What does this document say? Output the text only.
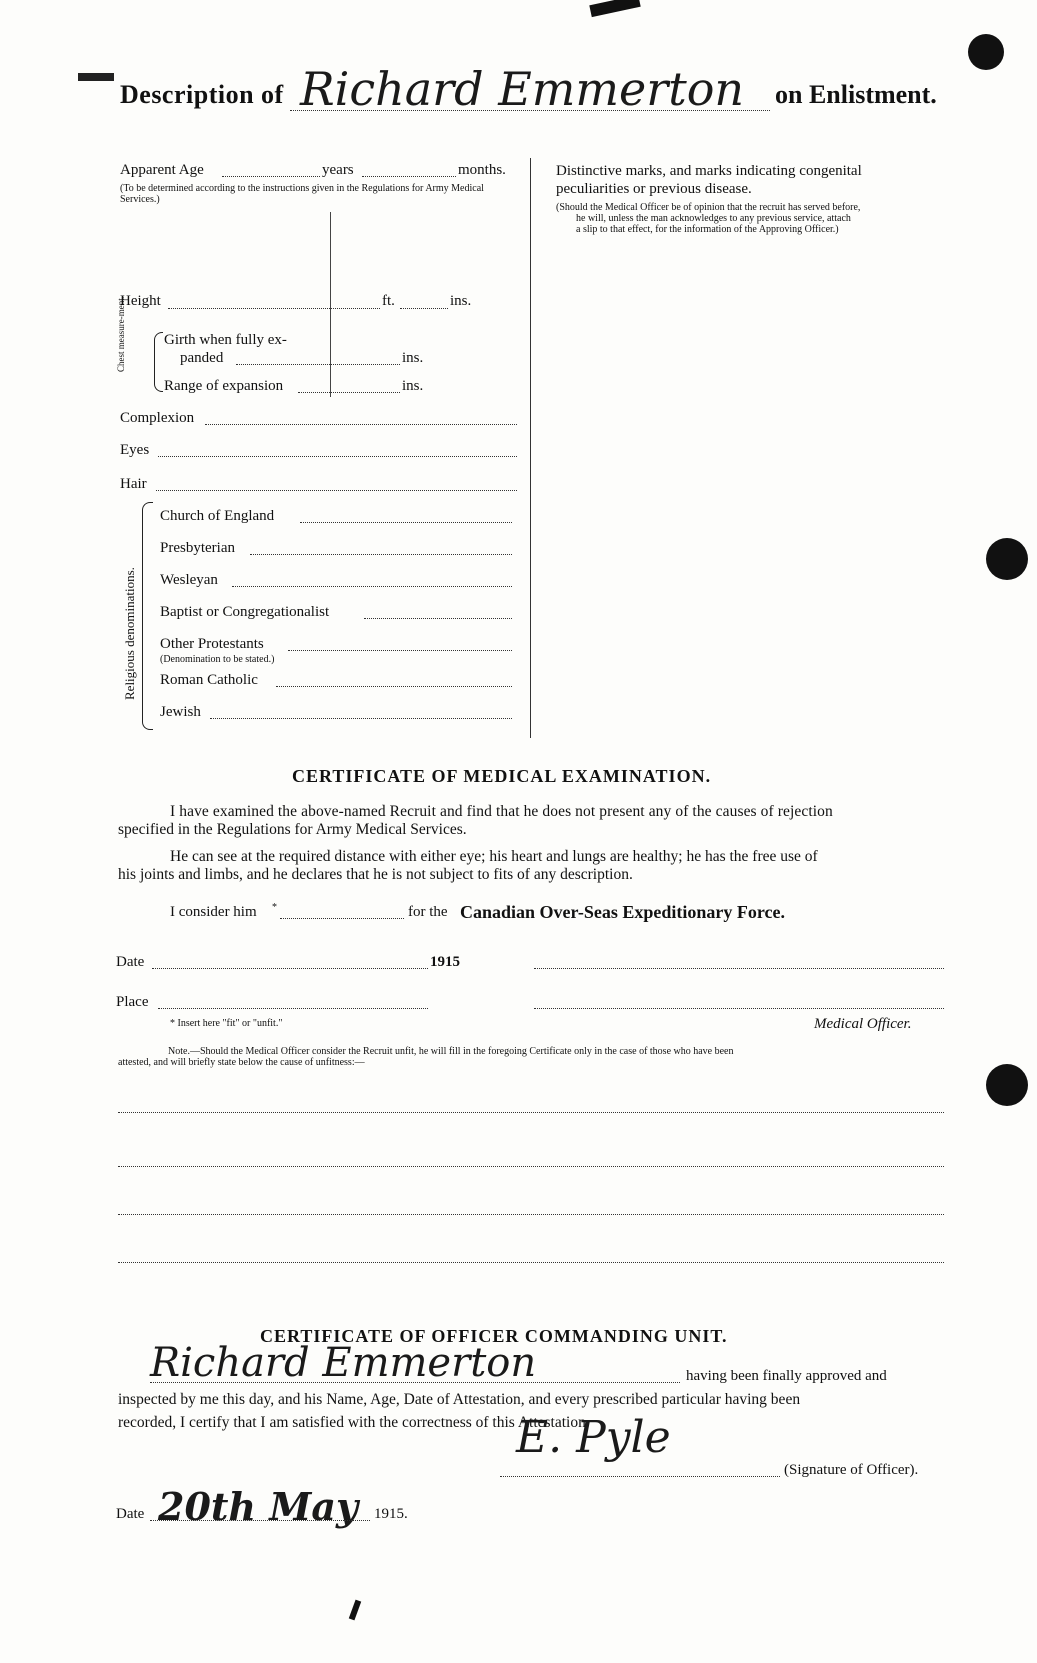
Description of Richard Emmerton on Enlistment.
Apparent Age	years	months.
(To be determined according to the instructions given in the Regulations for Army Medical Services.)
Height	ft.	ins.
Chest measure-ment.	Girth when fully ex-
panded	ins.
Range of expansion	ins.
Complexion
Eyes
Hair
Religious denominations.
Church of England
Presbyterian
Wesleyan
Baptist or Congregationalist
Other Protestants
(Denomination to be stated.)
Roman Catholic
Jewish
Distinctive marks, and marks indicating congenital
peculiarities or previous disease.
(Should the Medical Officer be of opinion that the recruit has served before,
he will, unless the man acknowledges to any previous service, attach
a slip to that effect, for the information of the Approving Officer.)
CERTIFICATE OF MEDICAL EXAMINATION.
I have examined the above-named Recruit and find that he does not present any of the causes of rejection
specified in the Regulations for Army Medical Services.
He can see at the required distance with either eye; his heart and lungs are healthy; he has the free use of
his joints and limbs, and he declares that he is not subject to fits of any description.
I consider him *	for the Canadian Over-Seas Expeditionary Force.
Date	1915
Place
* Insert here "fit" or "unfit."	Medical Officer.
Note.—Should the Medical Officer consider the Recruit unfit, he will fill in the foregoing Certificate only in the case of those who have been
attested, and will briefly state below the cause of unfitness:—
CERTIFICATE OF OFFICER COMMANDING UNIT.
Richard Emmerton	having been finally approved and
inspected by me this day, and his Name, Age, Date of Attestation, and every prescribed particular having been
recorded, I certify that I am satisfied with the correctness of this Attestation.
E. Pyle
(Signature of Officer).
Date 20th May 1915.
